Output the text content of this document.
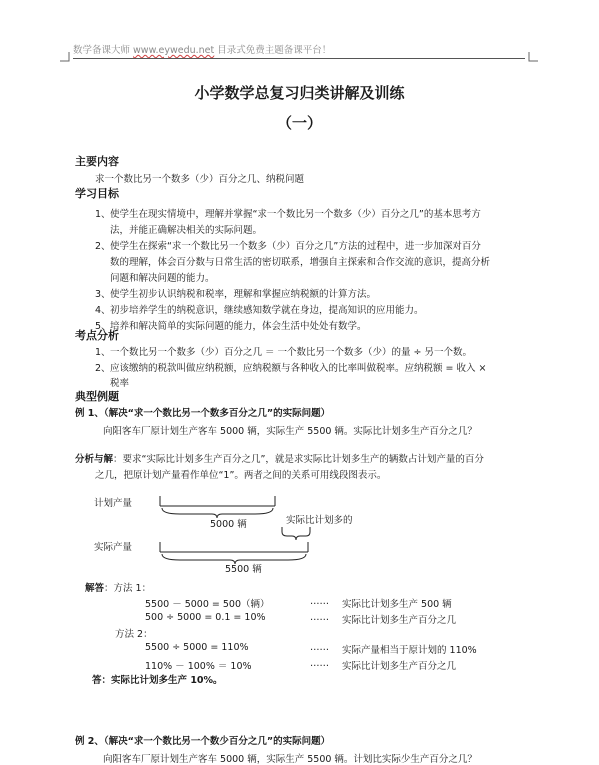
数学备课大师 www.eywedu.net 目录式免费主题备课平台！
小学数学总复习归类讲解及训练
（一）
主要内容
求一个数比另一个数多（少）百分之几、纳税问题
学习目标
1、 使学生在现实情境中，理解并掌握“求一个数比另一个数多（少）百分之几”的基本思考方
法，并能正确解决相关的实际问题。
2、 使学生在探索“求一个数比另一个数多（少）百分之几”方法的过程中，进一步加深对百分
数的理解，体会百分数与日常生活的密切联系，增强自主探索和合作交流的意识，提高分析
问题和解决问题的能力。
3、 使学生初步认识纳税和税率，理解和掌握应纳税额的计算方法。
4、 初步培养学生的纳税意识，继续感知数学就在身边，提高知识的应用能力。
5、 培养和解决简单的实际问题的能力，体会生活中处处有数学。
考点分析
1、 一个数比另一个数多（少）百分之几 ＝ 一个数比另一个数多（少）的量 ÷ 另一个数。
2、 应该缴纳的税款叫做应纳税额，应纳税额与各种收入的比率叫做税率。应纳税额 = 收入 ×
税率
典型例题
例 1、（解决“求一个数比另一个数多百分之几”的实际问题）
向阳客车厂原计划生产客车 5000 辆，实际生产 5500 辆。实际比计划多生产百分之几？
分析与解：要求“实际比计划多生产百分之几”，就是求实际比计划多生产的辆数占计划产量的百分
之几，把原计划产量看作单位“1”。两者之间的关系可用线段图表示。
计划产量
5000 辆	实际比计划多的
实际产量
5500 辆
解答：方法 1：
5500 － 5000 = 500（辆）	…… 实际比计划多生产 500 辆
500 ÷ 5000 = 0.1 = 10%	…… 实际比计划多生产百分之几
方法 2：
5500 ÷ 5000 = 110%	…… 实际产量相当于原计划的 110%
110% － 100% ＝ 10%	…… 实际比计划多生产百分之几
答：实际比计划多生产 10%。
例 2、（解决“求一个数比另一个数少百分之几”的实际问题）
向阳客车厂原计划生产客车 5000 辆，实际生产 5500 辆。计划比实际少生产百分之几？
